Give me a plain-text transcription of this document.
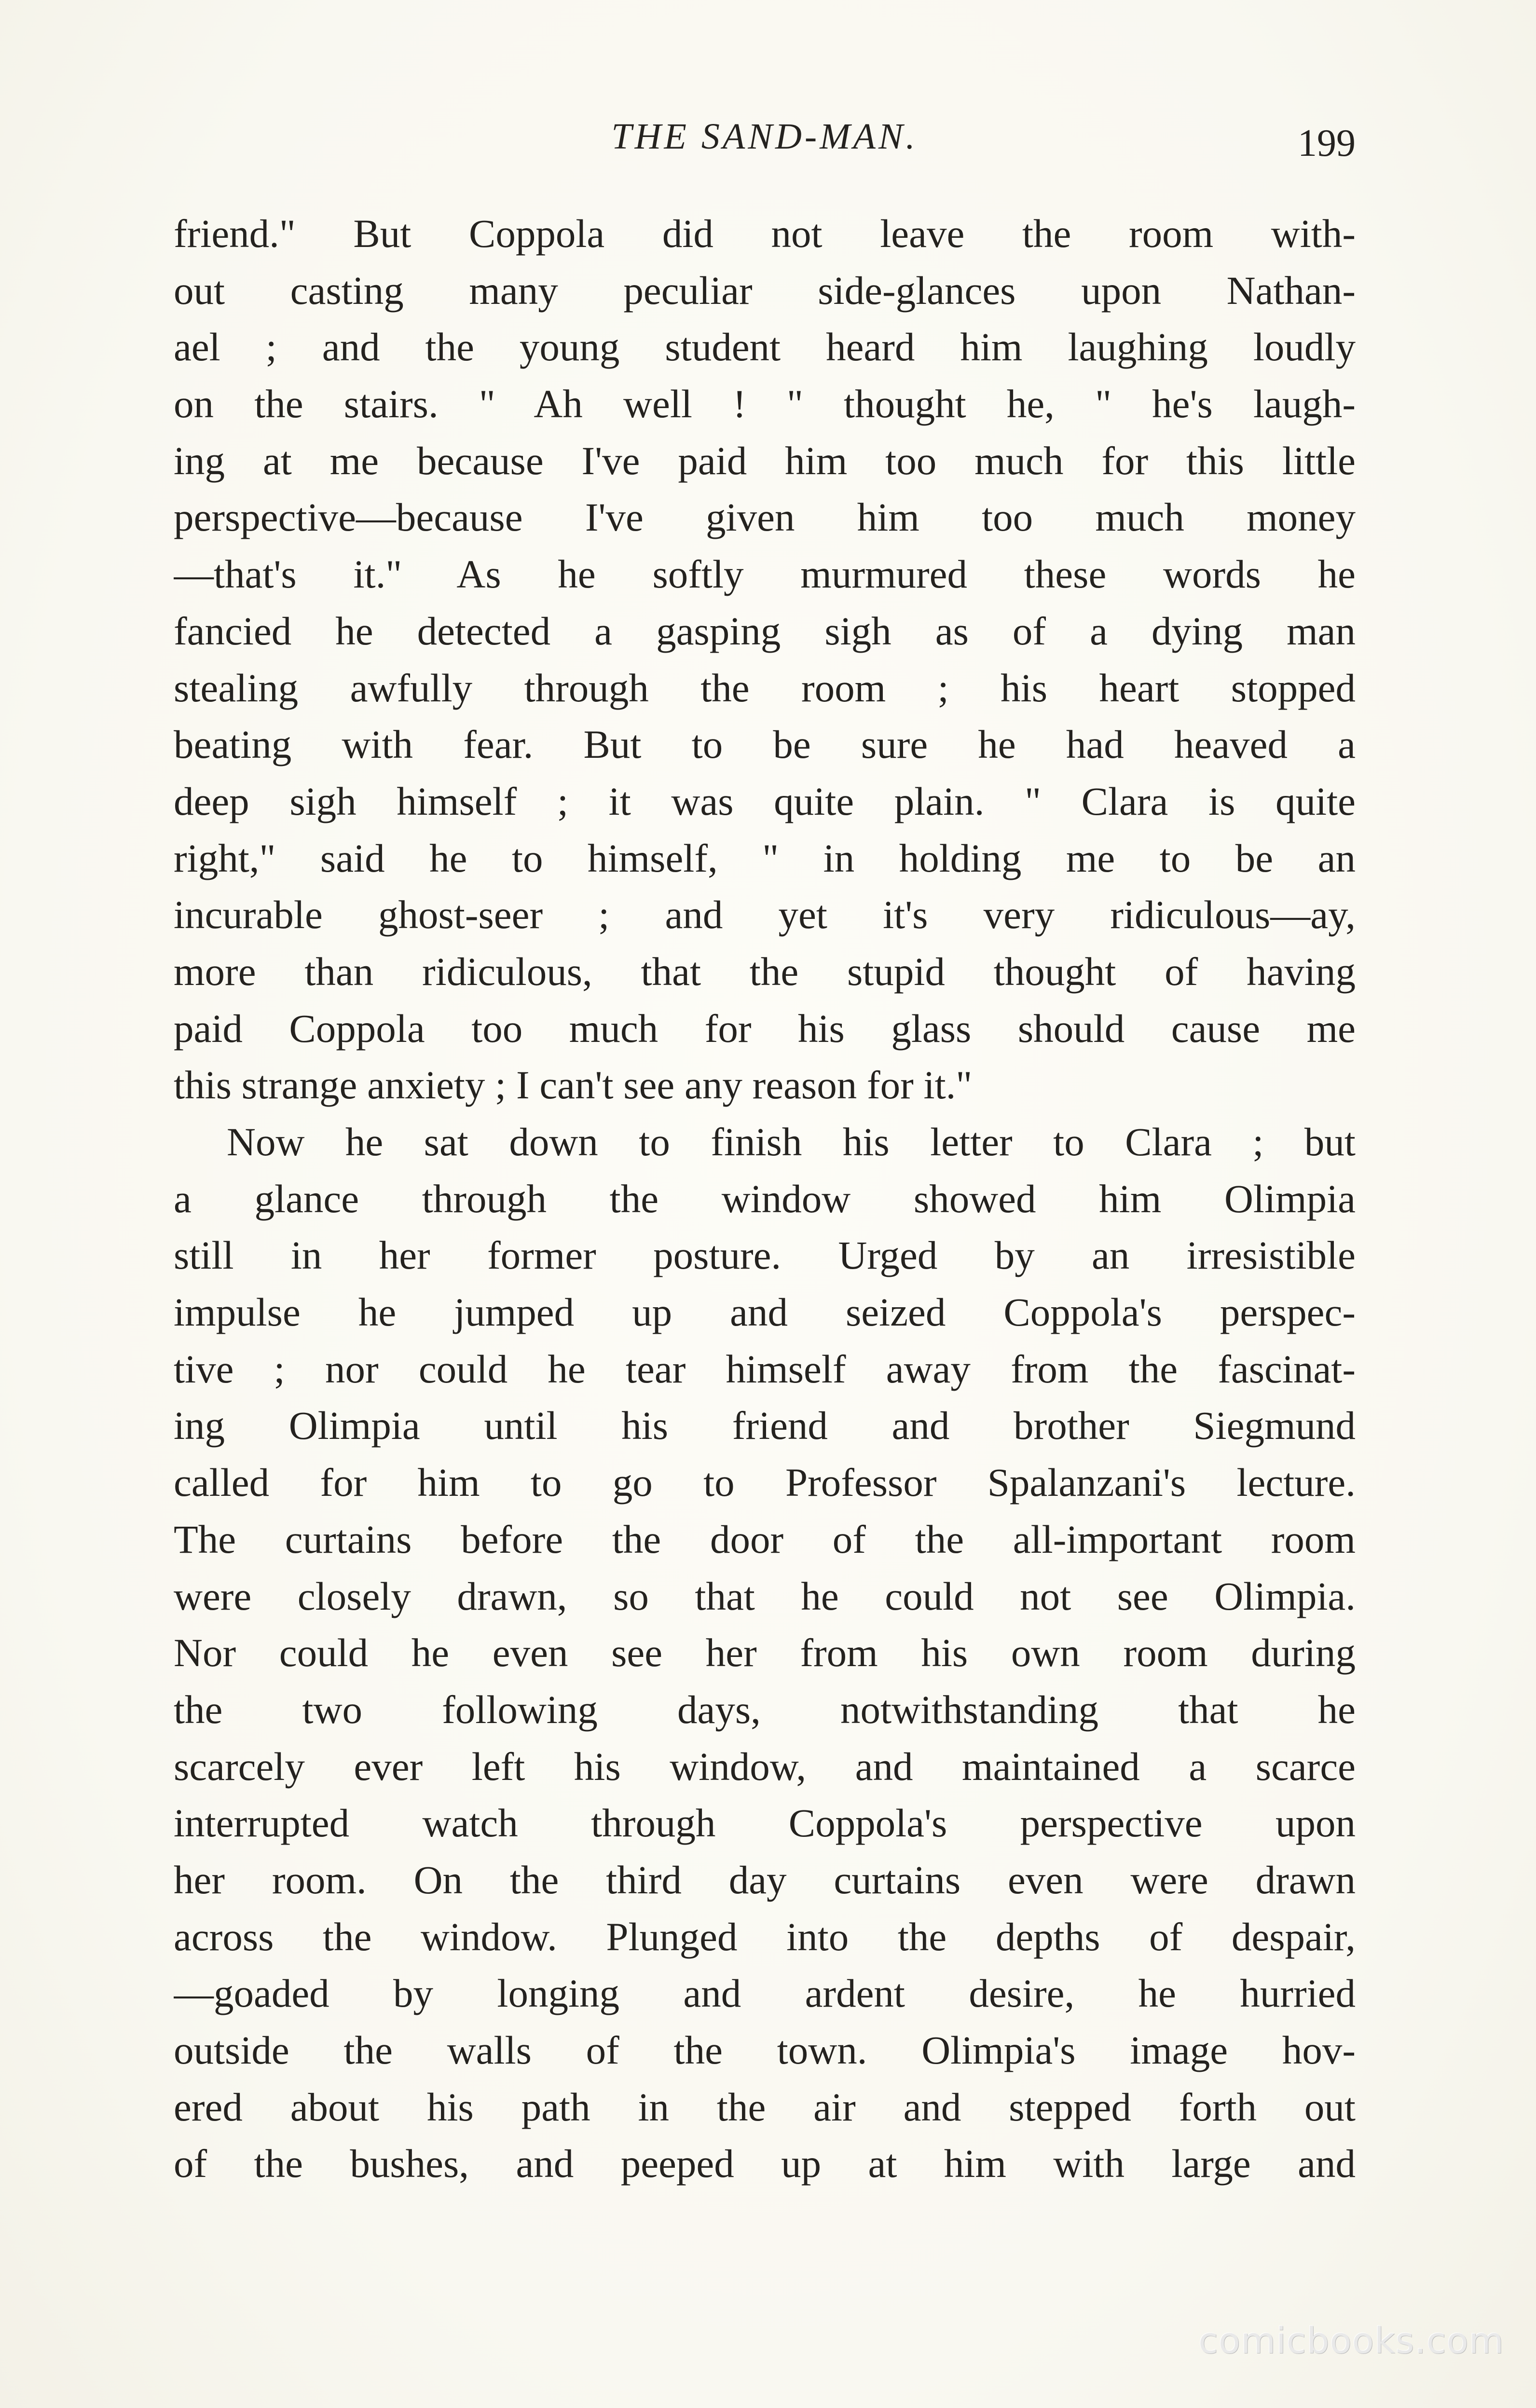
THE SAND-MAN.	199
friend." But Coppola did not leave the room with-
out casting many peculiar side-glances upon Nathan-
ael ; and the young student heard him laughing loudly
on the stairs. " Ah well ! " thought he, " he's laugh-
ing at me because I've paid him too much for this little
perspective—because I've given him too much money
—that's it." As he softly murmured these words he
fancied he detected a gasping sigh as of a dying man
stealing awfully through the room ; his heart stopped
beating with fear. But to be sure he had heaved a
deep sigh himself ; it was quite plain. " Clara is quite
right," said he to himself, " in holding me to be an
incurable ghost-seer ; and yet it's very ridiculous—ay,
more than ridiculous, that the stupid thought of having
paid Coppola too much for his glass should cause me
this strange anxiety ; I can't see any reason for it."
Now he sat down to finish his letter to Clara ; but
a glance through the window showed him Olimpia
still in her former posture. Urged by an irresistible
impulse he jumped up and seized Coppola's perspec-
tive ; nor could he tear himself away from the fascinat-
ing Olimpia until his friend and brother Siegmund
called for him to go to Professor Spalanzani's lecture.
The curtains before the door of the all-important room
were closely drawn, so that he could not see Olimpia.
Nor could he even see her from his own room during
the two following days, notwithstanding that he
scarcely ever left his window, and maintained a scarce
interrupted watch through Coppola's perspective upon
her room. On the third day curtains even were drawn
across the window. Plunged into the depths of despair,
—goaded by longing and ardent desire, he hurried
outside the walls of the town. Olimpia's image hov-
ered about his path in the air and stepped forth out
of the bushes, and peeped up at him with large and
comicbooks.com
